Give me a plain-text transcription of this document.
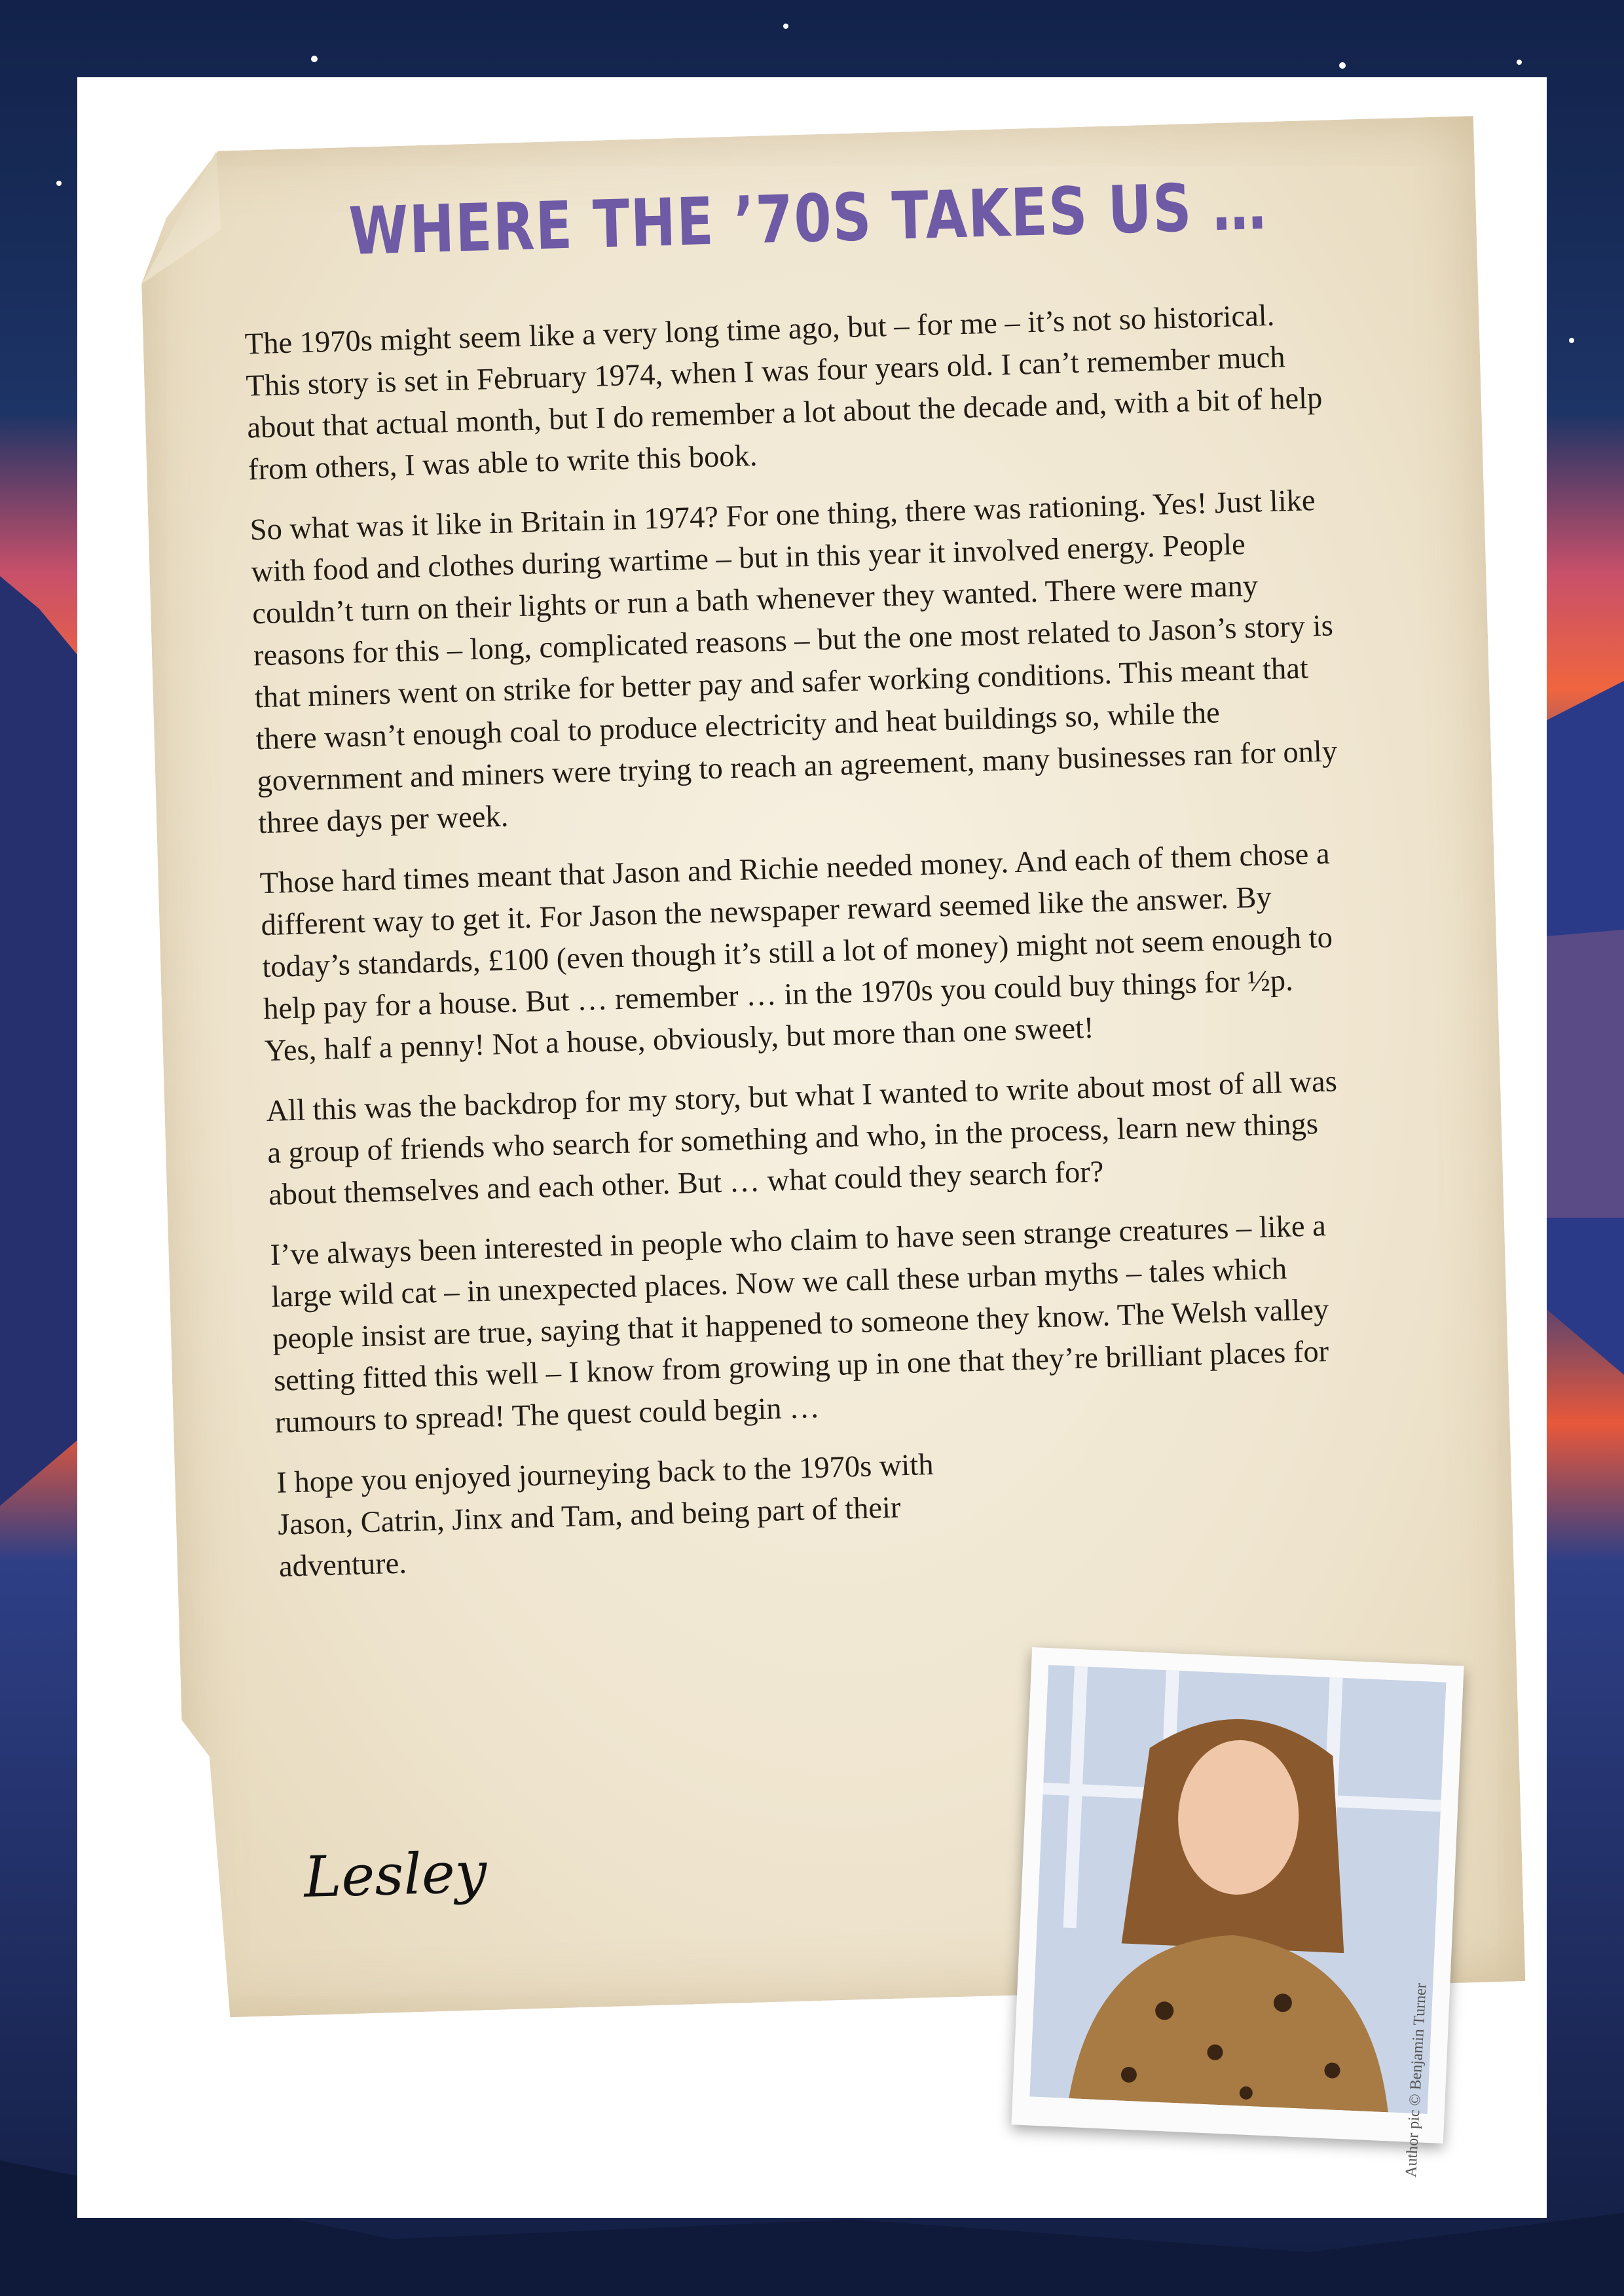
WHERE THE ’70S TAKES US …

The 1970s might seem like a very long time ago, but – for me – it’s not so historical. This story is set in February 1974, when I was four years old. I can’t remember much about that actual month, but I do remember a lot about the decade and, with a bit of help from others, I was able to write this book.

So what was it like in Britain in 1974? For one thing, there was rationing. Yes! Just like with food and clothes during wartime – but in this year it involved energy. People couldn’t turn on their lights or run a bath whenever they wanted. There were many reasons for this – long, complicated reasons – but the one most related to Jason’s story is that miners went on strike for better pay and safer working conditions. This meant that there wasn’t enough coal to produce electricity and heat buildings so, while the government and miners were trying to reach an agreement, many businesses ran for only three days per week.

Those hard times meant that Jason and Richie needed money. And each of them chose a different way to get it. For Jason the newspaper reward seemed like the answer. By today’s standards, £100 (even though it’s still a lot of money) might not seem enough to help pay for a house. But … remember … in the 1970s you could buy things for ½p. Yes, half a penny! Not a house, obviously, but more than one sweet!

All this was the backdrop for my story, but what I wanted to write about most of all was a group of friends who search for something and who, in the process, learn new things about themselves and each other. But … what could they search for?

I’ve always been interested in people who claim to have seen strange creatures – like a large wild cat – in unexpected places. Now we call these urban myths – tales which people insist are true, saying that it happened to someone they know. The Welsh valley setting fitted this well – I know from growing up in one that they’re brilliant places for rumours to spread! The quest could begin …

I hope you enjoyed journeying back to the 1970s with Jason, Catrin, Jinx and Tam, and being part of their adventure.

Lesley
Author pic © Benjamin Turner
